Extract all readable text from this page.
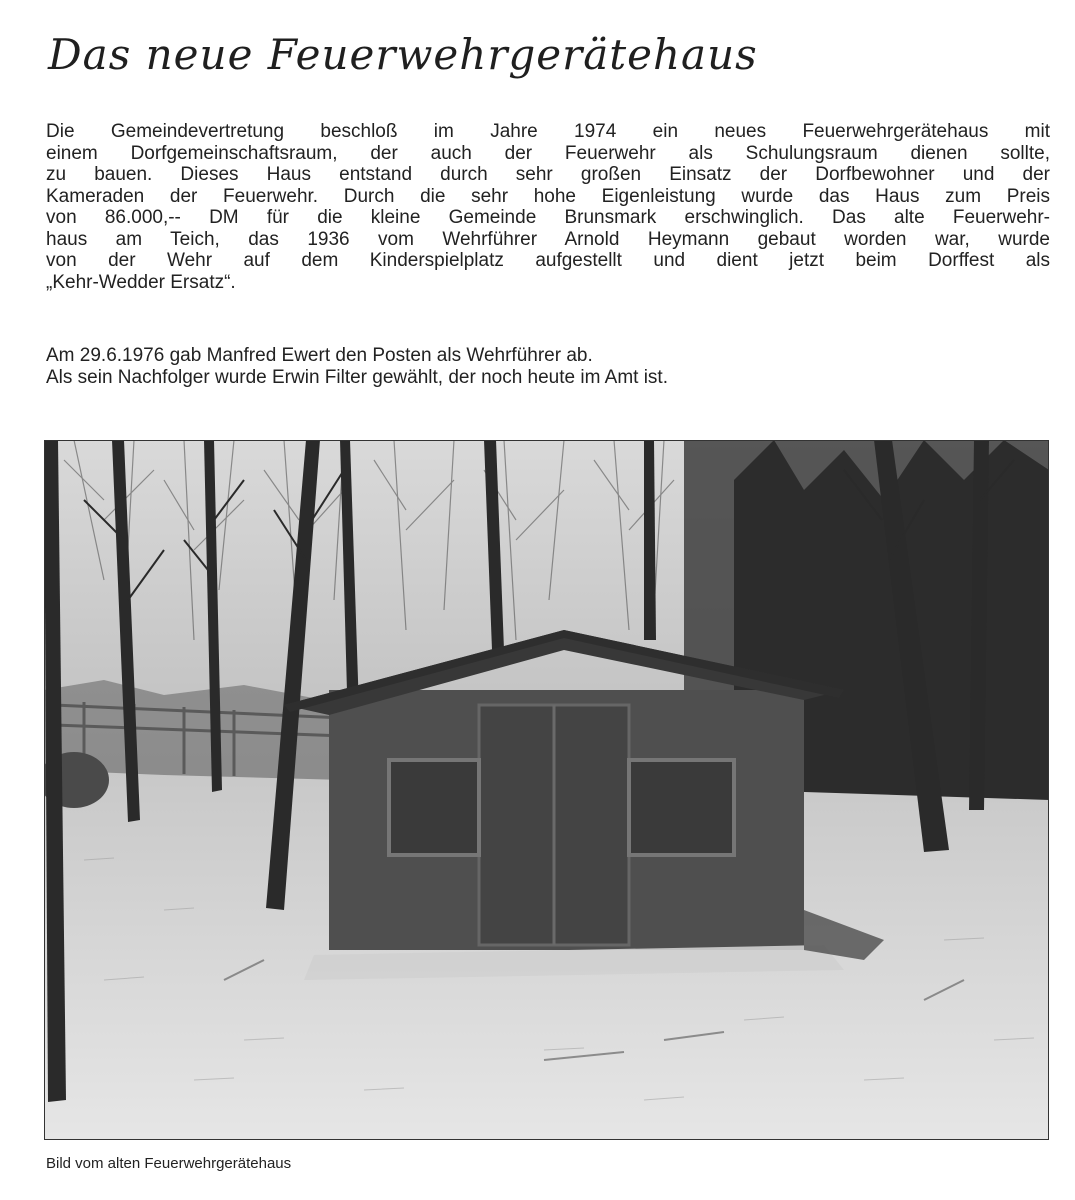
Das neue Feuerwehrgerätehaus
Die Gemeindevertretung beschloß im Jahre 1974 ein neues Feuerwehrgerätehaus mit
einem Dorfgemeinschaftsraum, der auch der Feuerwehr als Schulungsraum dienen sollte,
zu bauen. Dieses Haus entstand durch sehr großen Einsatz der Dorfbewohner und der
Kameraden der Feuerwehr. Durch die sehr hohe Eigenleistung wurde das Haus zum Preis
von 86.000,-- DM für die kleine Gemeinde Brunsmark erschwinglich. Das alte Feuerwehr-
haus am Teich, das 1936 vom Wehrführer Arnold Heymann gebaut worden war, wurde
von der Wehr auf dem Kinderspielplatz aufgestellt und dient jetzt beim Dorffest als
„Kehr-Wedder Ersatz“.
Am 29.6.1976 gab Manfred Ewert den Posten als Wehrführer ab.
Als sein Nachfolger wurde Erwin Filter gewählt, der noch heute im Amt ist.

Bild vom alten Feuerwehrgerätehaus
